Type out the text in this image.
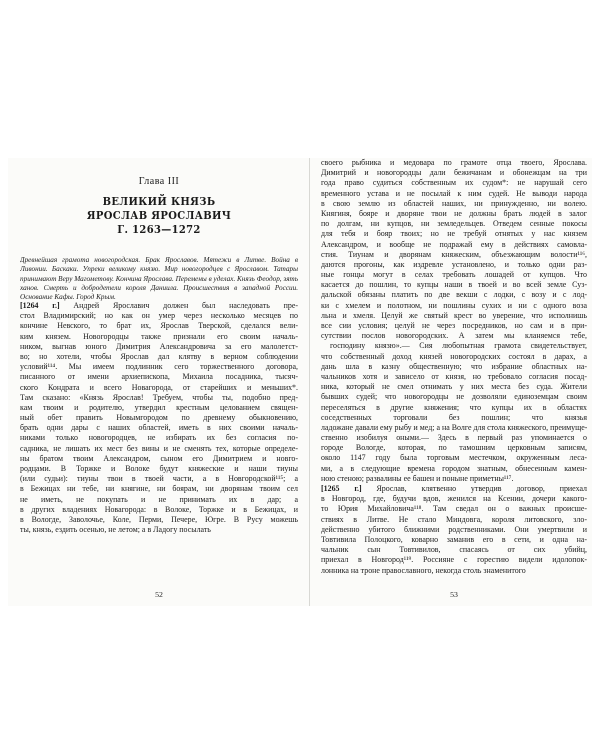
Глава III

ВЕЛИКИЙ КНЯЗЬ
ЯРОСЛАВ ЯРОСЛАВИЧ
Г. 1263—1272

Древнейшая грамота новогородская. Брак Ярославов. Мятежи в Литве. Война в Ливонии. Баскаки. Упреки великому князю. Мир новогородцев с Ярославом. Татары принимают Веру Магометову. Кончина Ярослава. Перемены в уделах. Князь Феодор, зять ханов. Смерть и добродетели короля Даниила. Происшествия в западной России. Основание Кафы. Город Крым.

[1264 г.] Андрей Ярославич должен был наследовать пре-
стол Владимирский; но как он умер через несколько месяцев по
кончине Невского, то брат их, Ярослав Тверской, сделался вели-
ким князем. Новогородцы также признали его своим началь-
ником, выгнав юного Димитрия Александровича за его малолетст-
во; но хотели, чтобы Ярослав дал клятву в верном соблюдении
условий¹¹⁴. Мы имеем подлинник сего торжественного договора,
писанного от имени архиепископа, Михаила посадника, тысяч-
ского Кондрата и всего Новагорода, от старейших и меньших*.
Там сказано: «Князь Ярослав! Требуем, чтобы ты, подобно пред-
кам твоим и родителю, утвердил крестным целованием священ-
ный обет править Новымгородом по древнему обыкновению,
брать одни дары с наших областей, иметь в них своими началь-
никами только новогородцев, не избирать их без согласия по-
садника, не лишать их мест без вины и не сменять тех, которые определе-
ны братом твоим Александром, сыном его Димитрием и новго-
родцами. В Торжке и Волоке будут княжеские и наши тиуны
(или судьи): тиуны твои в твоей части, а в Новгородской¹¹⁵; а
в Бежицах ни тебе, ни княгине, ни боярам, ни дворянам твоим сел
не иметь, не покупать и не принимать их в дар; а
в других владениях Новагорода: в Волоке, Торжке и в Бежицах, и
в Вологде, Заволочье, Коле, Перми, Печере, Югре. В Русу можешь
ты, князь, ездить осенью, не летом; а в Ладогу посылать
52
своего рыбника и медовара по грамоте отца твоего, Ярослава.
Димитрий и новогородцы дали бежичанам и обонежцам на три
года право судиться собственным их судом*: не нарушай сего
временного устава и не посылай к ним судей. Не выводи народа
в свою землю из областей наших, ни принужденно, ни волею.
Княгиня, бояре и дворяне твои не должны брать людей в залог
по долгам, ни купцов, ни земледельцев. Отведем сенные покосы
для тебя и бояр твоих; но не требуй отнятых у нас князем
Александром, и вообще не подражай ему в действиях самовла-
стия. Тиунам и дворянам княжеским, объезжающим волости¹¹⁶,
даются прогоны, как издревле установлено, и только одни раз-
ные гонцы могут в селах требовать лошадей от купцов. Что
касается до пошлин, то купцы наши в твоей и во всей земле Суз-
дальской обязаны платить по две векши с лодки, с возу и с лод-
ки с хмелем и полотном, ни пошлины сухих и ни с одного воза
льна и хмеля. Целуй же святый крест во уверение, что исполнишь
все сии условия; целуй не через посредников, но сам и в при-
сутствии послов новогородских. А затем мы кланяемся тебе,
господину князю».— Сия любопытная грамота свидетельствует,
что собственный доход князей новогородских состоял в дарах, а
дань шла в казну общественную; что избрание областных на-
чальников хотя и зависело от князя, но требовало согласия посад-
ника, который не смел отнимать у них места без суда. Жители
бывших судей; что новогородцы не дозволяли единоземцам своим
переселяться в другие княжения; что купцы их в областях
соседственных торговали без пошлин; что князья
ладожане давали ему рыбу и мед; а на Волге для стола княжеского, преимуще-
ственно изобилуя оными.— Здесь в первый раз упоминается о
городе Вологде, которая, по тамошним церковным записям,
около 1147 году была торговым местечком, окруженным леса-
ми, а в следующие времена городом знатным, обнесенным камен-
ною стеною; развалины ее башен и поныне приметны¹¹⁷.
[1265 г.] Ярослав, клятвенно утвердив договор, приехал
в Новгород, где, будучи вдов, женился на Ксении, дочери какого-
то Юрия Михайловича¹¹⁸. Там сведал он о важных происше-
ствиях в Литве. Не стало Миндовга, короля литовского, зло-
действенно убитого ближними родственниками. Они умертвили и
Товтивила Полоцкого, коварно заманив его в сети, и одна на-
чальник сын Товтивилов, спасаясь от сих убийц,
приехал в Новгород¹¹⁹. Россияне с горестию видели идолопок-
лонника на троне православного, некогда столь знаменитого
53
